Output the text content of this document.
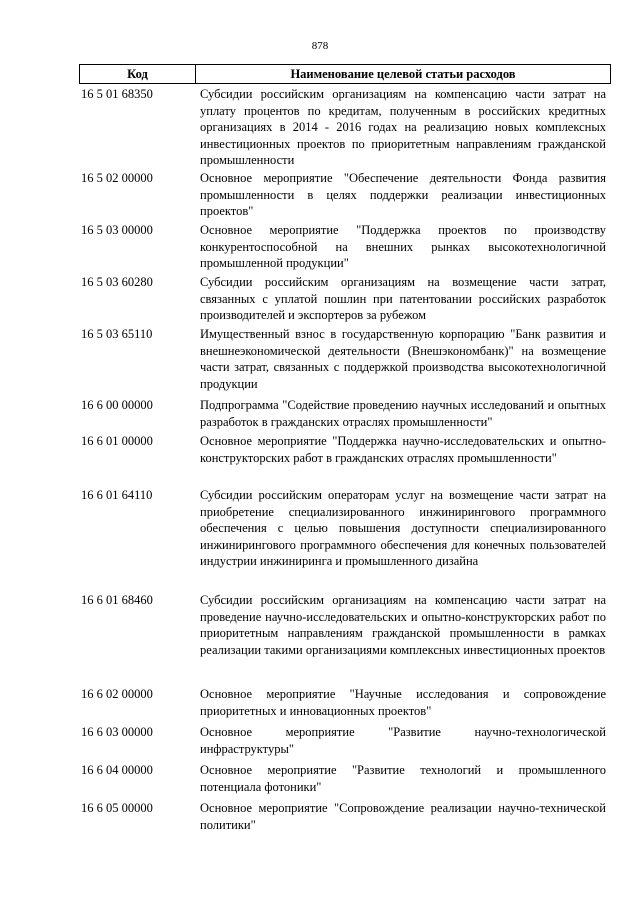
878
Код	Наименование целевой статьи расходов
16 5 01 68350	Субсидии российским организациям на компенсацию части затрат на уплату процентов по кредитам, полученным в российских кредитных организациях в 2014 - 2016 годах на реализацию новых комплексных инвестиционных проектов по приоритетным направлениям гражданской промышленности
16 5 02 00000	Основное мероприятие "Обеспечение деятельности Фонда развития промышленности в целях поддержки реализации инвестиционных проектов"
16 5 03 00000	Основное мероприятие "Поддержка проектов по производству конкурентоспособной на внешних рынках высокотехнологичной промышленной продукции"
16 5 03 60280	Субсидии российским организациям на возмещение части затрат, связанных с уплатой пошлин при патентовании российских разработок производителей и экспортеров за рубежом
16 5 03 65110	Имущественный взнос в государственную корпорацию "Банк развития и внешнеэкономической деятельности (Внешэкономбанк)" на возмещение части затрат, связанных с поддержкой производства высокотехнологичной продукции
16 6 00 00000	Подпрограмма "Содействие проведению научных исследований и опытных разработок в гражданских отраслях промышленности"
16 6 01 00000	Основное мероприятие "Поддержка научно-исследовательских и опытно-конструкторских работ в гражданских отраслях промышленности"
16 6 01 64110	Субсидии российским операторам услуг на возмещение части затрат на приобретение специализированного инжинирингового программного обеспечения с целью повышения доступности специализированного инжинирингового программного обеспечения для конечных пользователей индустрии инжиниринга и промышленного дизайна
16 6 01 68460	Субсидии российским организациям на компенсацию части затрат на проведение научно-исследовательских и опытно-конструкторских работ по приоритетным направлениям гражданской промышленности в рамках реализации такими организациями комплексных инвестиционных проектов
16 6 02 00000	Основное мероприятие "Научные исследования и сопровождение приоритетных и инновационных проектов"
16 6 03 00000	Основное мероприятие "Развитие научно-технологической инфраструктуры"
16 6 04 00000	Основное мероприятие "Развитие технологий и промышленного потенциала фотоники"
16 6 05 00000	Основное мероприятие "Сопровождение реализации научно-технической политики"
